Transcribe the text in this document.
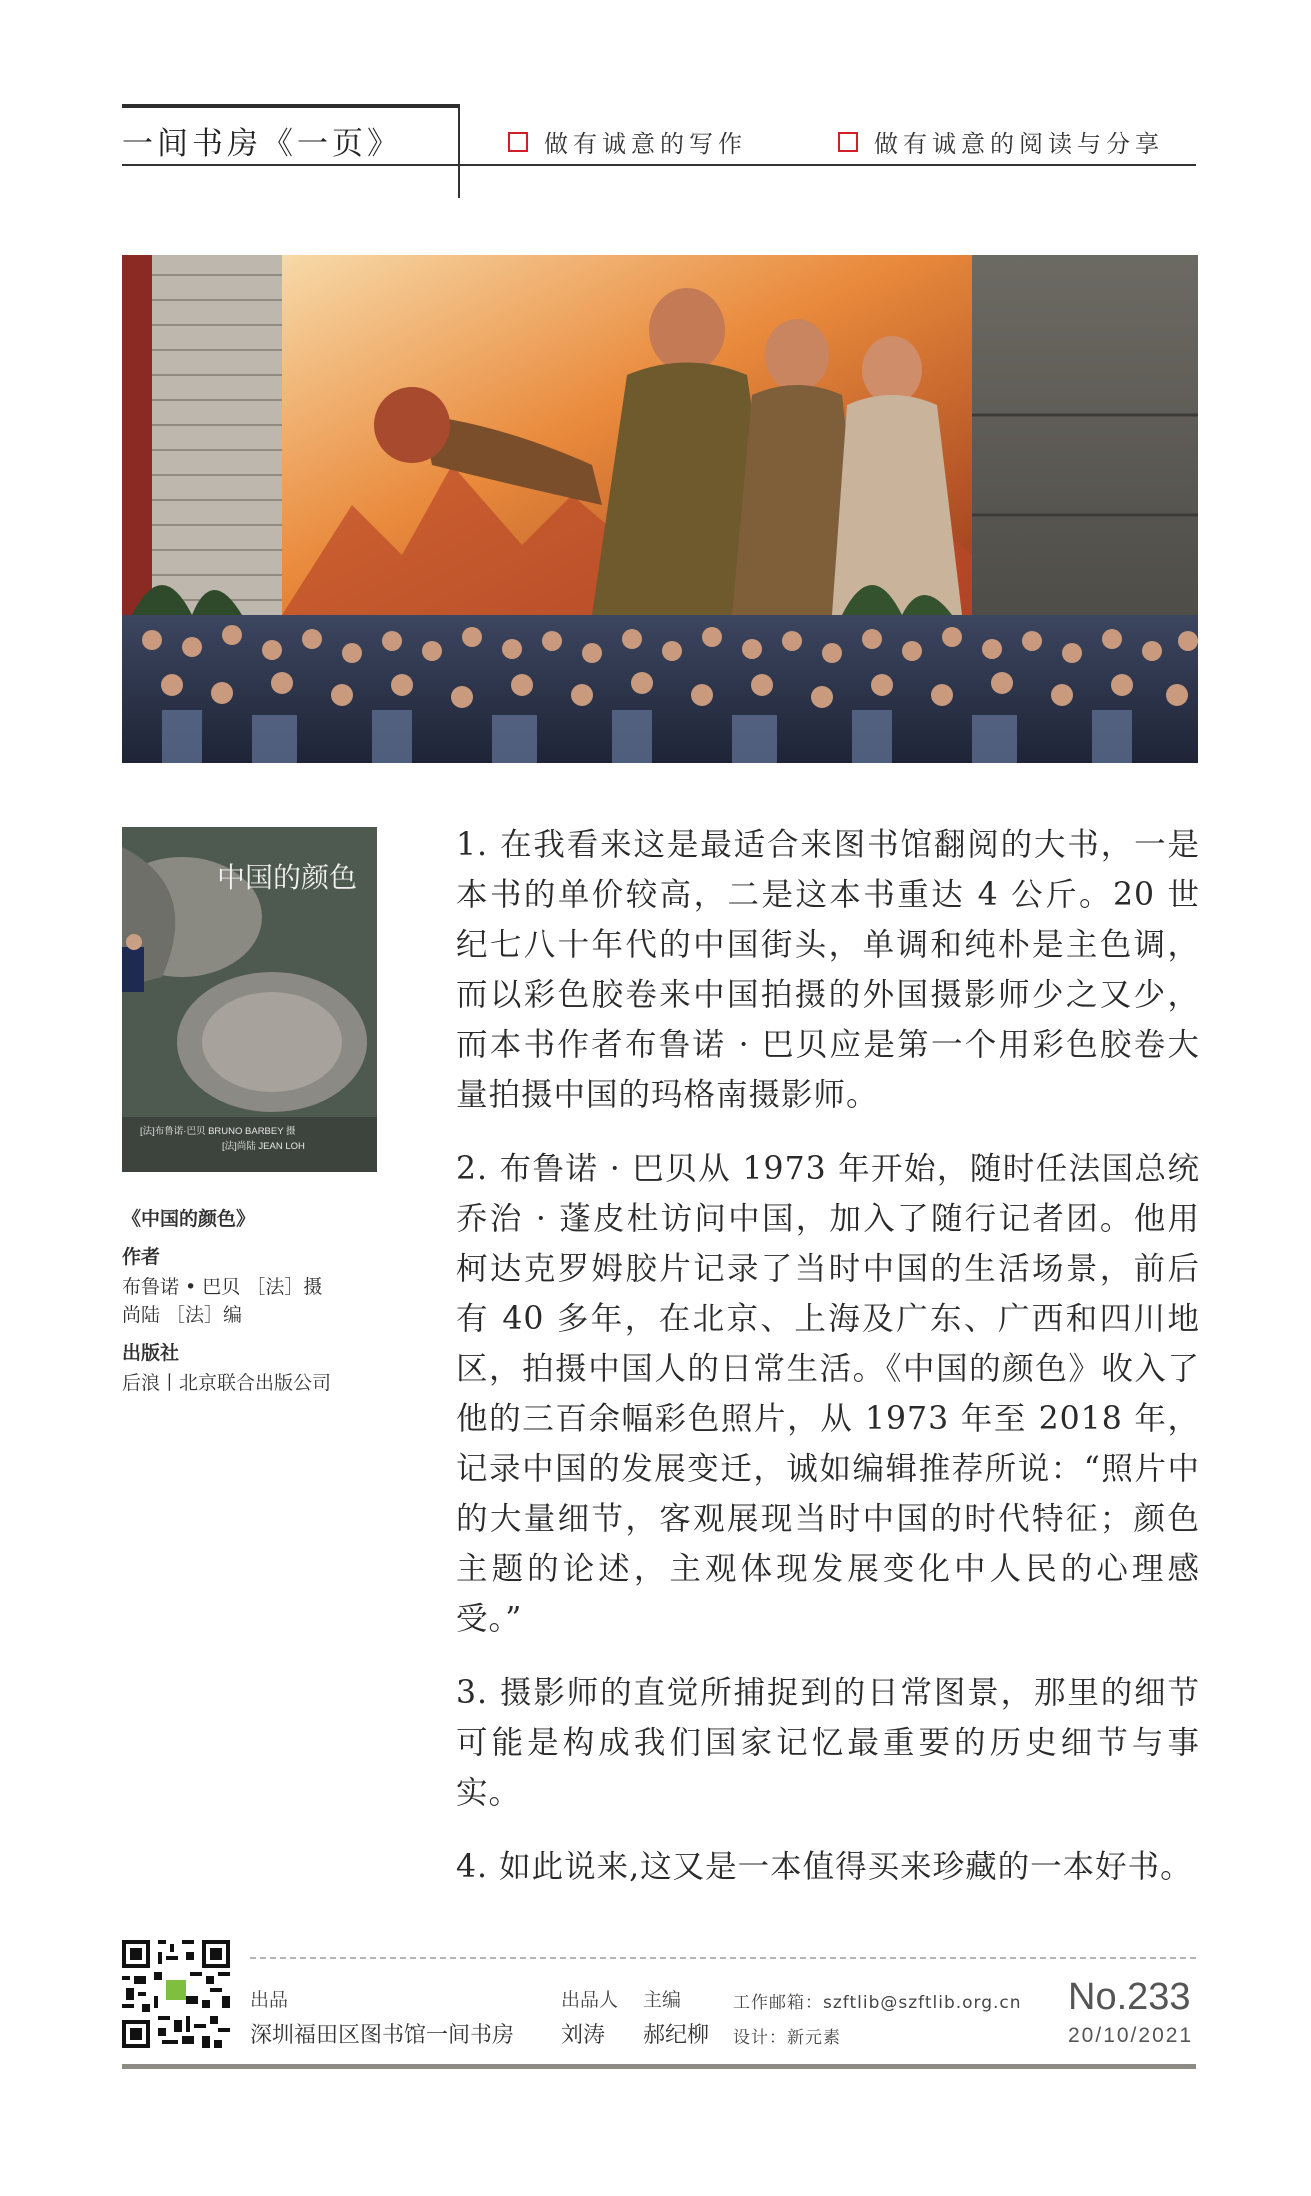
一间书房《一页》	做有诚意的写作	做有诚意的阅读与分享
中国的颜色
[法]布鲁诺·巴贝 BRUNO BARBEY 摄
[法]尚陆 JEAN LOH
《中国的颜色》
作者
布鲁诺 • 巴贝 ［法］摄
尚陆 ［法］编
出版社
后浪丨北京联合出版公司

1. 在我看来这是最适合来图书馆翻阅的大书，一是本书的单价较高，二是这本书重达 4 公斤。20 世纪七八十年代的中国街头，单调和纯朴是主色调，而以彩色胶卷来中国拍摄的外国摄影师少之又少，而本书作者布鲁诺 · 巴贝应是第一个用彩色胶卷大量拍摄中国的玛格南摄影师。

2. 布鲁诺 · 巴贝从 1973 年开始，随时任法国总统乔治 · 蓬皮杜访问中国，加入了随行记者团。他用柯达克罗姆胶片记录了当时中国的生活场景，前后有 40 多年，在北京、上海及广东、广西和四川地区，拍摄中国人的日常生活。《中国的颜色》收入了他的三百余幅彩色照片，从 1973 年至 2018 年，记录中国的发展变迁，诚如编辑推荐所说：“照片中的大量细节，客观展现当时中国的时代特征；颜色主题的论述，主观体现发展变化中人民的心理感受。”

3. 摄影师的直觉所捕捉到的日常图景，那里的细节可能是构成我们国家记忆最重要的历史细节与事实。

4. 如此说来,这又是一本值得买来珍藏的一本好书。

出品
深圳福田区图书馆一间书房
出品人
刘涛
主编
郝纪柳
工作邮箱：szftlib@szftlib.org.cn
设计：新元素
No.233
20/10/2021
